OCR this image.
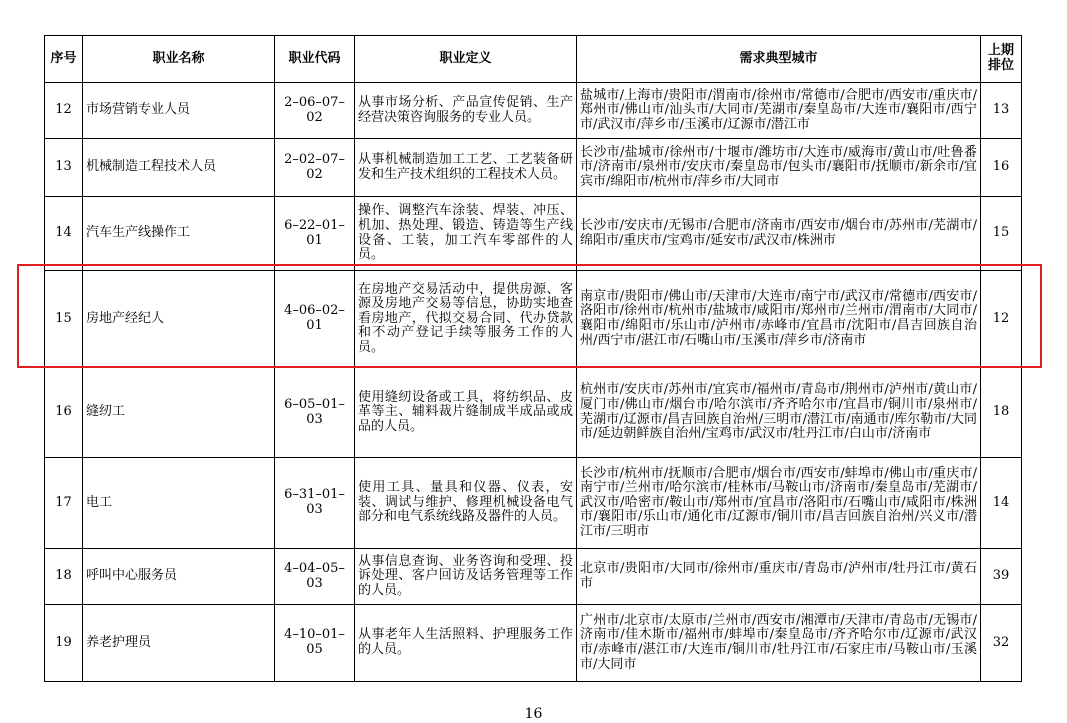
序号	职业名称	职业代码	职业定义	需求典型城市	上期
排位
12	市场营销专业人员	2–06–07–02	从事市场分析、产品宣传促销、生产经营决策咨询服务的专业人员。	盐城市/上海市/贵阳市/渭南市/徐州市/常德市/合肥市/西安市/重庆市/郑州市/佛山市/汕头市/大同市/芜湖市/秦皇岛市/大连市/襄阳市/西宁市/武汉市/萍乡市/玉溪市/辽源市/潜江市	13
13	机械制造工程技术人员	2–02–07–02	从事机械制造加工工艺、工艺装备研发和生产技术组织的工程技术人员。	长沙市/盐城市/徐州市/十堰市/潍坊市/大连市/威海市/黄山市/吐鲁番市/济南市/泉州市/安庆市/秦皇岛市/包头市/襄阳市/抚顺市/新余市/宜宾市/绵阳市/杭州市/萍乡市/大同市	16
14	汽车生产线操作工	6–22–01–01	操作、调整汽车涂装、焊装、冲压、机加、热处理、锻造、铸造等生产线设备、工装，加工汽车零部件的人员。	长沙市/安庆市/无锡市/合肥市/济南市/西安市/烟台市/苏州市/芜湖市/绵阳市/重庆市/宝鸡市/延安市/武汉市/株洲市	15
15	房地产经纪人	4–06–02–01	在房地产交易活动中，提供房源、客源及房地产交易等信息，协助实地查看房地产，代拟交易合同、代办贷款和不动产登记手续等服务工作的人员。	南京市/贵阳市/佛山市/天津市/大连市/南宁市/武汉市/常德市/西安市/洛阳市/徐州市/杭州市/盐城市/咸阳市/郑州市/兰州市/渭南市/大同市/襄阳市/绵阳市/乐山市/泸州市/赤峰市/宜昌市/沈阳市/昌吉回族自治州/西宁市/湛江市/石嘴山市/玉溪市/萍乡市/济南市	12
16	缝纫工	6–05–01–03	使用缝纫设备或工具，将纺织品、皮革等主、辅料裁片缝制成半成品或成品的人员。	杭州市/安庆市/苏州市/宜宾市/福州市/青岛市/荆州市/泸州市/黄山市/厦门市/佛山市/烟台市/哈尔滨市/齐齐哈尔市/宜昌市/铜川市/泉州市/芜湖市/辽源市/昌吉回族自治州/三明市/潜江市/南通市/库尔勒市/大同市/延边朝鲜族自治州/宝鸡市/武汉市/牡丹江市/白山市/济南市	18
17	电工	6–31–01–03	使用工具、量具和仪器、仪表，安装、调试与维护、修理机械设备电气部分和电气系统线路及器件的人员。	长沙市/杭州市/抚顺市/合肥市/烟台市/西安市/蚌埠市/佛山市/重庆市/南宁市/兰州市/哈尔滨市/桂林市/马鞍山市/济南市/秦皇岛市/芜湖市/武汉市/哈密市/鞍山市/郑州市/宜昌市/洛阳市/石嘴山市/咸阳市/株洲市/襄阳市/乐山市/通化市/辽源市/铜川市/昌吉回族自治州/兴义市/潜江市/三明市	14
18	呼叫中心服务员	4–04–05–03	从事信息查询、业务咨询和受理、投诉处理、客户回访及话务管理等工作的人员。	北京市/贵阳市/大同市/徐州市/重庆市/青岛市/泸州市/牡丹江市/黄石市	39
19	养老护理员	4–10–01–05	从事老年人生活照料、护理服务工作的人员。	广州市/北京市/太原市/兰州市/西安市/湘潭市/天津市/青岛市/无锡市/济南市/佳木斯市/福州市/蚌埠市/秦皇岛市/齐齐哈尔市/辽源市/武汉市/赤峰市/湛江市/大连市/铜川市/牡丹江市/石家庄市/马鞍山市/玉溪市/大同市	32
16
